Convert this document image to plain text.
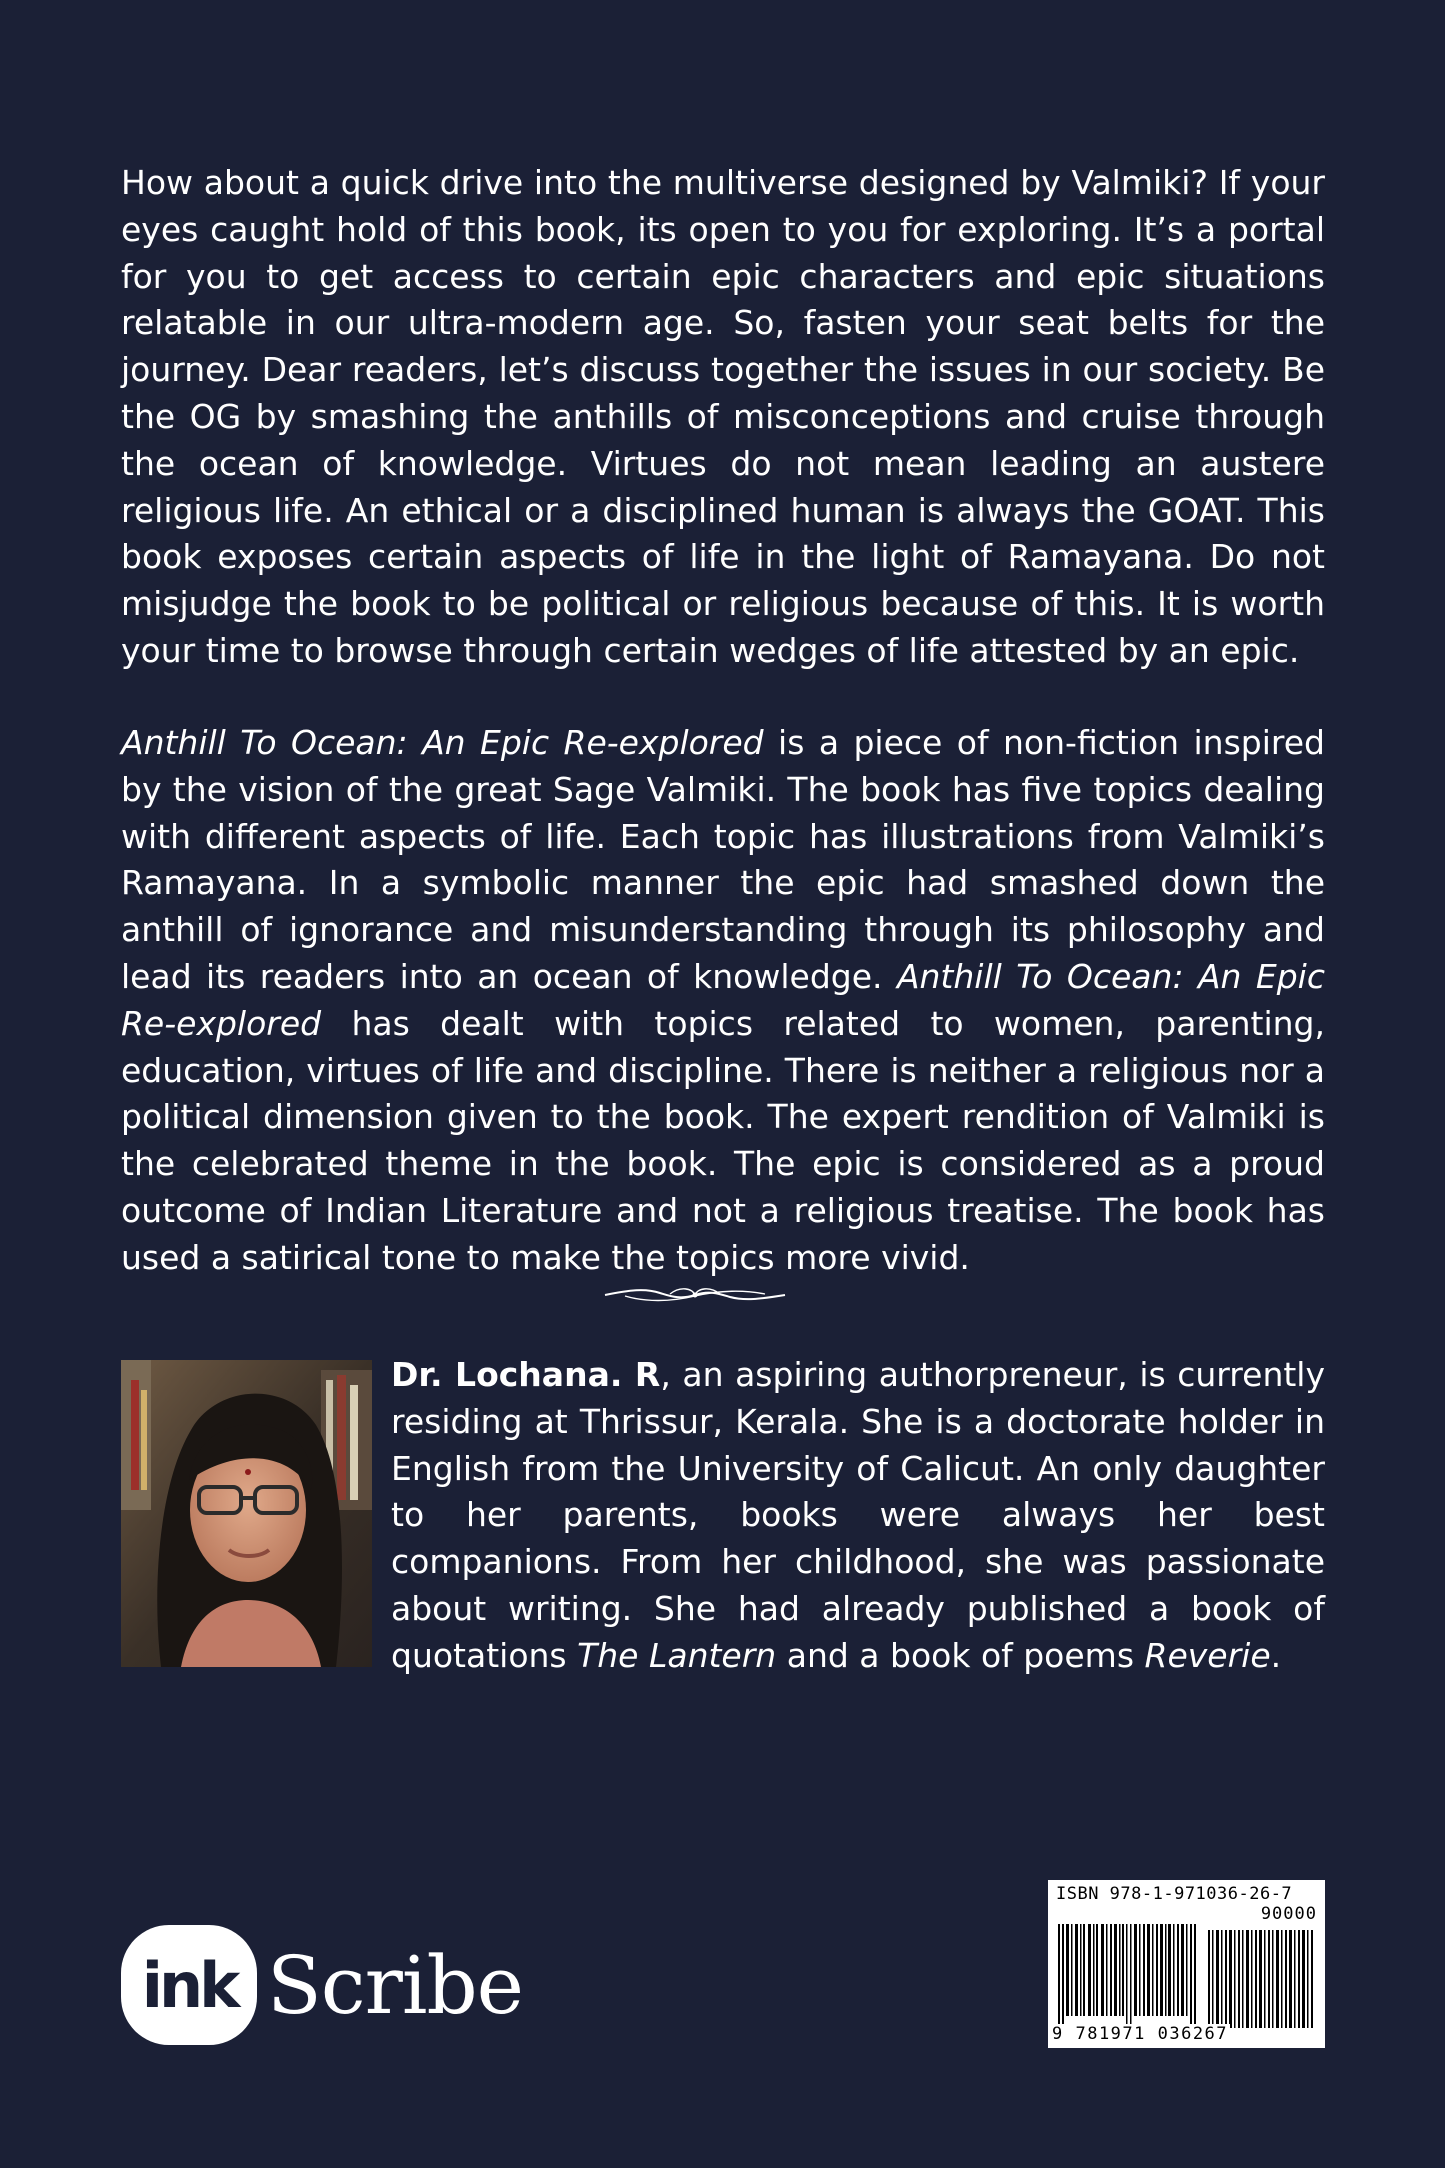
How about a quick drive into the multiverse designed by Valmiki? If your eyes caught hold of this book, its open to you for exploring. It’s a portal for you to get access to certain epic characters and epic situations relatable in our ultra-modern age. So, fasten your seat belts for the journey. Dear readers, let’s discuss together the issues in our society. Be the OG by smashing the anthills of misconceptions and cruise through the ocean of knowledge. Virtues do not mean leading an austere religious life. An ethical or a disciplined human is always the GOAT. This book exposes certain aspects of life in the light of Ramayana. Do not misjudge the book to be political or religious because of this. It is worth your time to browse through certain wedges of life attested by an epic.

Anthill To Ocean: An Epic Re-explored is a piece of non-fiction inspired by the vision of the great Sage Valmiki. The book has five topics dealing with different aspects of life. Each topic has illustrations from Valmiki’s Ramayana. In a symbolic manner the epic had smashed down the anthill of ignorance and misunderstanding through its philosophy and lead its readers into an ocean of knowledge. Anthill To Ocean: An Epic Re-explored has dealt with topics related to women, parenting, education, virtues of life and discipline. There is neither a religious nor a political dimension given to the book. The expert rendition of Valmiki is the celebrated theme in the book. The epic is considered as a proud outcome of Indian Literature and not a religious treatise. The book has used a satirical tone to make the topics more vivid.

Dr. Lochana. R, an aspiring authorpreneur, is currently residing at Thrissur, Kerala. She is a doctorate holder in English from the University of Calicut. An only daughter to her parents, books were always her best companions. From her childhood, she was passionate about writing. She had already published a book of quotations The Lantern and a book of poems Reverie.

ink Scribe
ISBN 978-1-971036-26-7
90000
9 781971 036267
